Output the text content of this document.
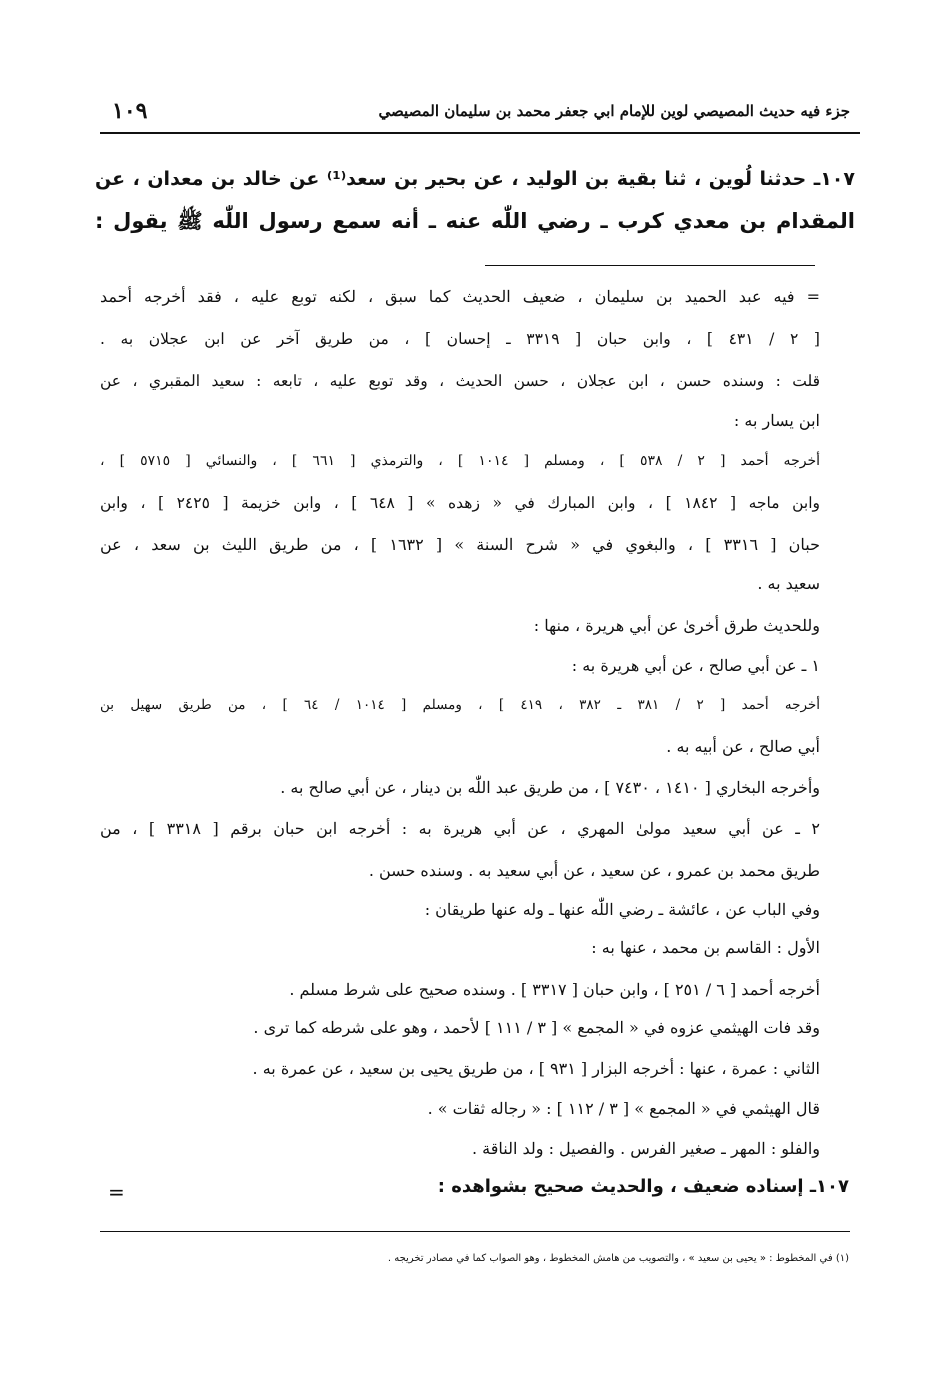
جزء فيه حديث المصيصي لوين للإمام ابي جعفر محمد بن سليمان المصيصي
١٠٩
١٠٧ـ حدثنا لُوين ، ثنا بقية بن الوليد ، عن بحير بن سعد⁽¹⁾ عن خالد بن معدان ، عن
المقدام بن معدي كرب ـ رضي اللّٰه عنه ـ أنه سمع رسول اللّٰه ﷺ يقول :
= فيه عبد الحميد بن سليمان ، ضعيف الحديث كما سبق ، لكنه توبع عليه ، فقد أخرجه أحمد
[ ٢ / ٤٣١ ] ، وابن حبان [ ٣٣١٩ ـ إحسان ] ، من طريق آخر عن ابن عجلان به .
قلت : وسنده حسن ، ابن عجلان ، حسن الحديث ، وقد توبع عليه ، تابعه : سعيد المقبري ، عن
ابن يسار به :
أخرجه أحمد [ ٢ / ٥٣٨ ] ، ومسلم [ ١٠١٤ ] ، والترمذي [ ٦٦١ ] ، والنسائي [ ٥٧١٥ ] ،
وابن ماجه [ ١٨٤٢ ] ، وابن المبارك في « زهده » [ ٦٤٨ ] ، وابن خزيمة [ ٢٤٢٥ ] ، وابن
حبان [ ٣٣١٦ ] ، والبغوي في « شرح السنة » [ ١٦٣٢ ] ، من طريق الليث بن سعد ، عن
سعيد به .
وللحديث طرق أخرىٰ عن أبي هريرة ، منها :
١ ـ عن أبي صالح ، عن أبي هريرة به :
أخرجه أحمد [ ٢ / ٣٨١ ـ ٣٨٢ ، ٤١٩ ] ، ومسلم [ ١٠١٤ / ٦٤ ] ، من طريق سهيل بن
أبي صالح ، عن أبيه به .
وأخرجه البخاري [ ١٤١٠ ، ٧٤٣٠ ] ، من طريق عبد اللّٰه بن دينار ، عن أبي صالح به .
٢ ـ عن أبي سعيد مولىٰ المهري ، عن أبي هريرة به : أخرجه ابن حبان برقم [ ٣٣١٨ ] ، من
طريق محمد بن عمرو ، عن سعيد ، عن أبي سعيد به . وسنده حسن .
وفي الباب عن ، عائشة ـ رضي اللّٰه عنها ـ وله عنها طريقان :
الأول : القاسم بن محمد ، عنها به :
أخرجه أحمد [ ٦ / ٢٥١ ] ، وابن حبان [ ٣٣١٧ ] . وسنده صحيح على شرط مسلم .
وقد فات الهيثمي عزوه في « المجمع » [ ٣ / ١١١ ] لأحمد ، وهو على شرطه كما ترى .
الثاني : عمرة ، عنها : أخرجه البزار [ ٩٣١ ] ، من طريق يحيى بن سعيد ، عن عمرة به .
قال الهيثمي في « المجمع » [ ٣ / ١١٢ ] : « رجاله ثقات » .
والفلو : المهر ـ صغير الفرس . والفصيل : ولد الناقة .
=	١٠٧ـ إسناده ضعيف ، والحديث صحيح بشواهده :
(١) في المخطوط : « يحيى بن سعيد » ، والتصويب من هامش المخطوط ، وهو الصواب كما في مصادر تخريجه .
